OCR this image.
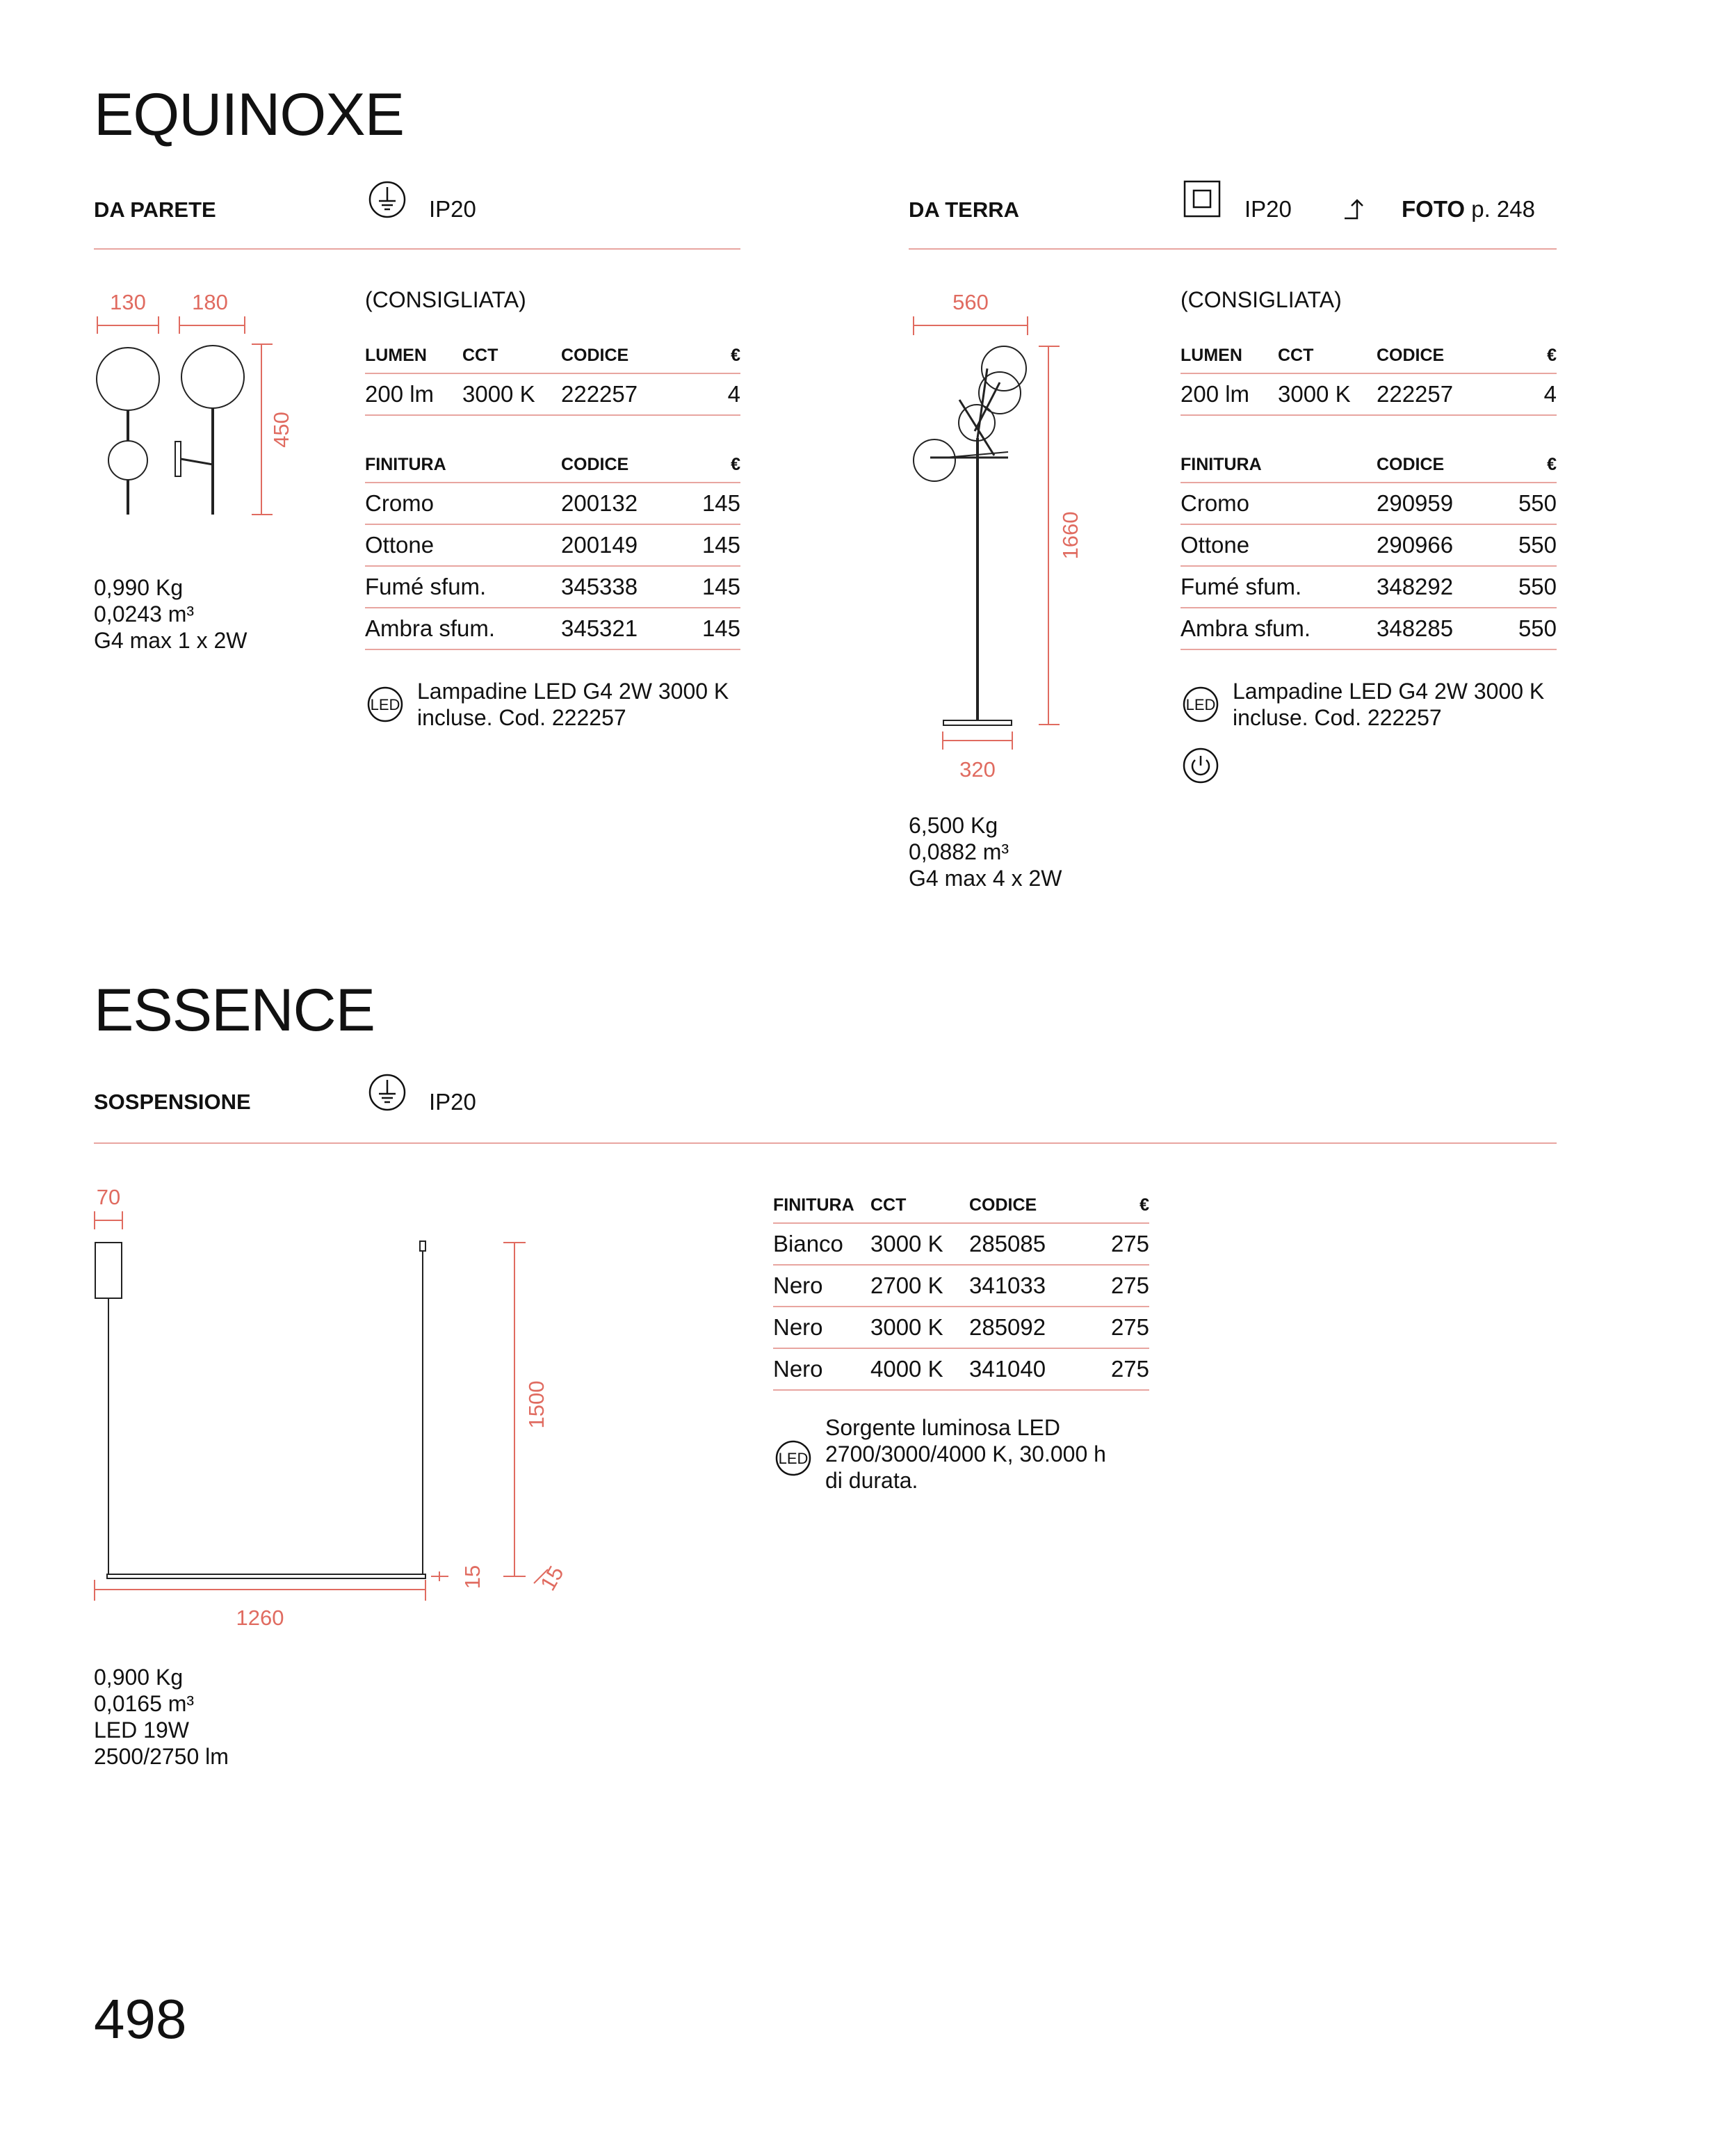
EQUINOXE
DA PARETE	IP20	DA TERRA	IP20	FOTO p. 248
130 180
450
(CONSIGLIATA)
LUMEN	CCT	CODICE	€
200 lm	3000 K	222257	4
FINITURA	CODICE	€
Cromo	200132	145
Ottone	200149	145
Fumé sfum.	345338	145
Ambra sfum.	345321	145
LED
Lampadine LED G4 2W 3000 K
incluse. Cod. 222257
0,990 Kg
0,0243 m³
G4 max 1 x 2W
560
1660
320
(CONSIGLIATA)
LUMEN	CCT	CODICE	€
200 lm	3000 K	222257	4
FINITURA	CODICE	€
Cromo	290959	550
Ottone	290966	550
Fumé sfum.	348292	550
Ambra sfum.	348285	550
LED
Lampadine LED G4 2W 3000 K
incluse. Cod. 222257
6,500 Kg
0,0882 m³
G4 max 4 x 2W
ESSENCE
SOSPENSIONE	IP20
70
1500
15 15
1260
FINITURA	CCT	CODICE	€
Bianco	3000 K	285085	275
Nero	2700 K	341033	275
Nero	3000 K	285092	275
Nero	4000 K	341040	275
LED
Sorgente luminosa LED
2700/3000/4000 K, 30.000 h
di durata.
0,900 Kg
0,0165 m³
LED 19W
2500/2750 lm
498
